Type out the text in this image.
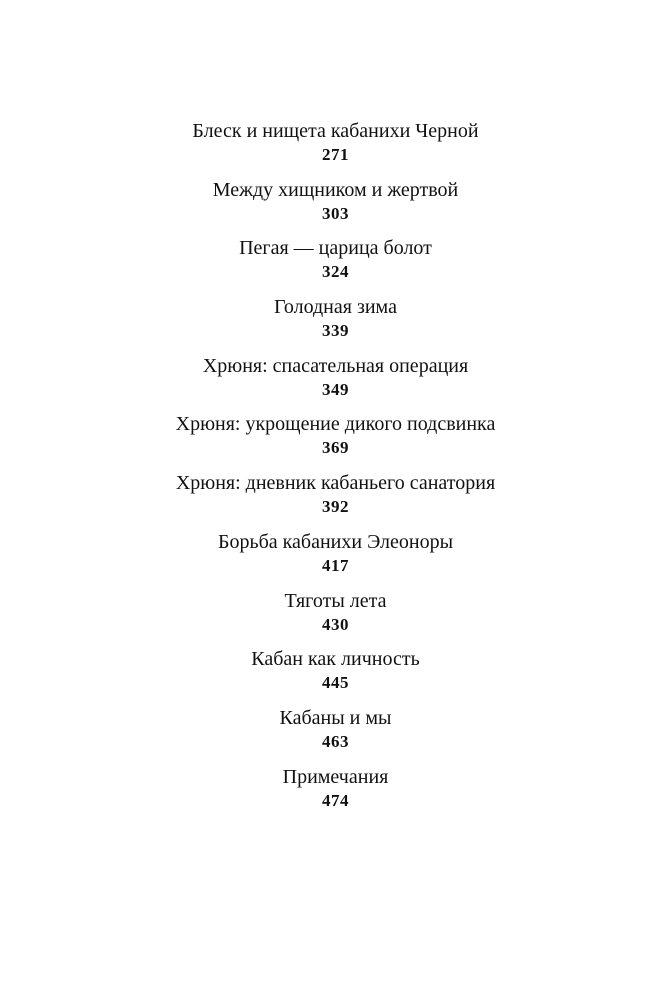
Блеск и нищета кабанихи Черной
271
Между хищником и жертвой
303
Пегая — царица болот
324
Голодная зима
339
Хрюня: спасательная операция
349
Хрюня: укрощение дикого подсвинка
369
Хрюня: дневник кабаньего санатория
392
Борьба кабанихи Элеоноры
417
Тяготы лета
430
Кабан как личность
445
Кабаны и мы
463
Примечания
474
